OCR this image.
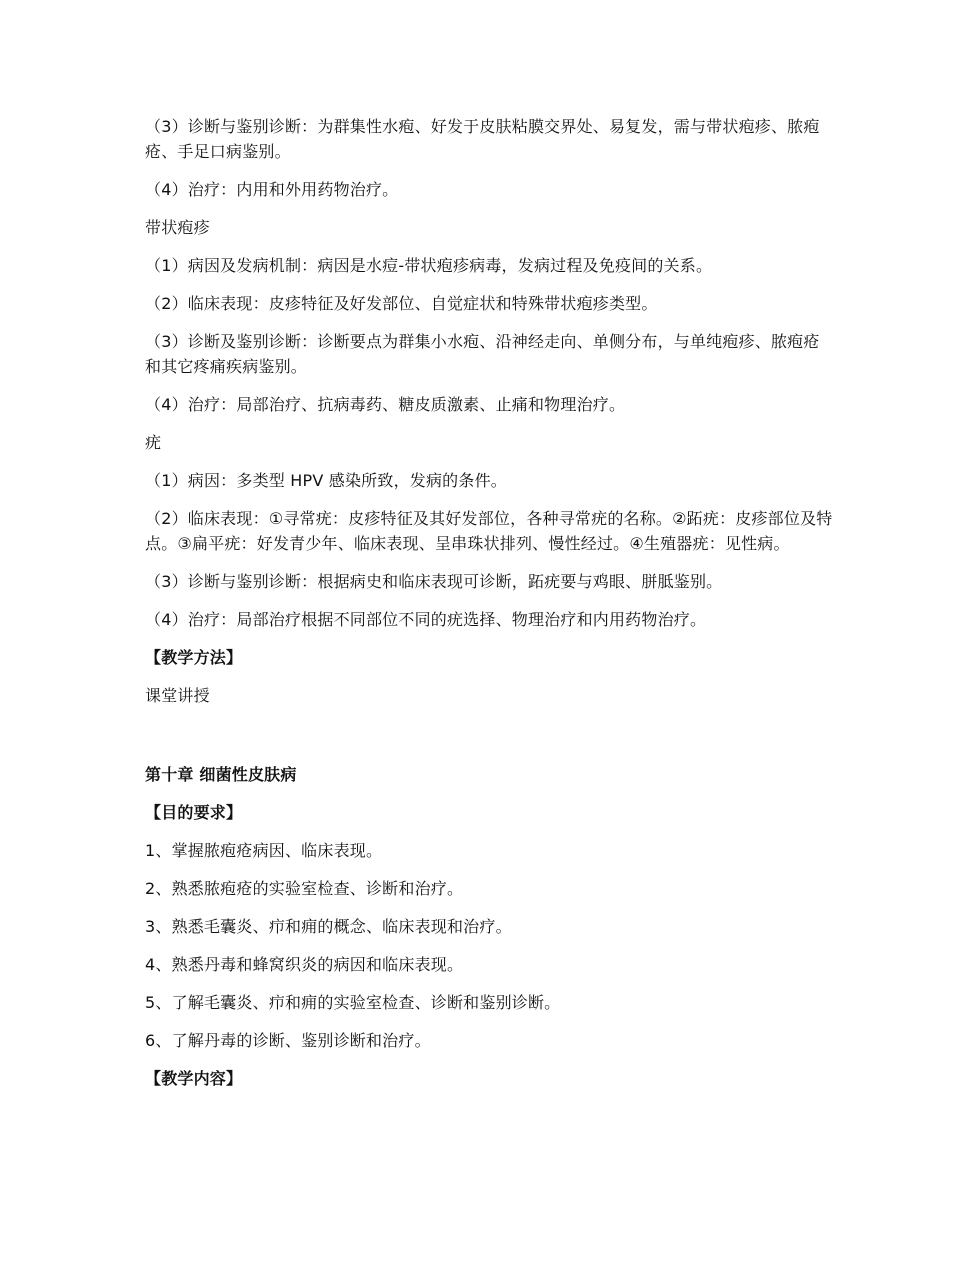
（3）诊断与鉴别诊断：为群集性水疱、好发于皮肤粘膜交界处、易复发，需与带状疱疹、脓疱疮、手足口病鉴别。

（4）治疗：内用和外用药物治疗。

带状疱疹

（1）病因及发病机制：病因是水痘-带状疱疹病毒，发病过程及免疫间的关系。

（2）临床表现：皮疹特征及好发部位、自觉症状和特殊带状疱疹类型。

（3）诊断及鉴别诊断：诊断要点为群集小水疱、沿神经走向、单侧分布，与单纯疱疹、脓疱疮和其它疼痛疾病鉴别。

（4）治疗：局部治疗、抗病毒药、糖皮质激素、止痛和物理治疗。

疣

（1）病因：多类型 HPV 感染所致，发病的条件。

（2）临床表现：①寻常疣：皮疹特征及其好发部位，各种寻常疣的名称。②跖疣：皮疹部位及特点。③扁平疣：好发青少年、临床表现、呈串珠状排列、慢性经过。④生殖器疣：见性病。

（3）诊断与鉴别诊断：根据病史和临床表现可诊断，跖疣要与鸡眼、胼胝鉴别。

（4）治疗：局部治疗根据不同部位不同的疣选择、物理治疗和内用药物治疗。

【教学方法】

课堂讲授

第十章 细菌性皮肤病

【目的要求】

1、掌握脓疱疮病因、临床表现。

2、熟悉脓疱疮的实验室检查、诊断和治疗。

3、熟悉毛囊炎、疖和痈的概念、临床表现和治疗。

4、熟悉丹毒和蜂窝织炎的病因和临床表现。

5、了解毛囊炎、疖和痈的实验室检查、诊断和鉴别诊断。

6、了解丹毒的诊断、鉴别诊断和治疗。

【教学内容】
